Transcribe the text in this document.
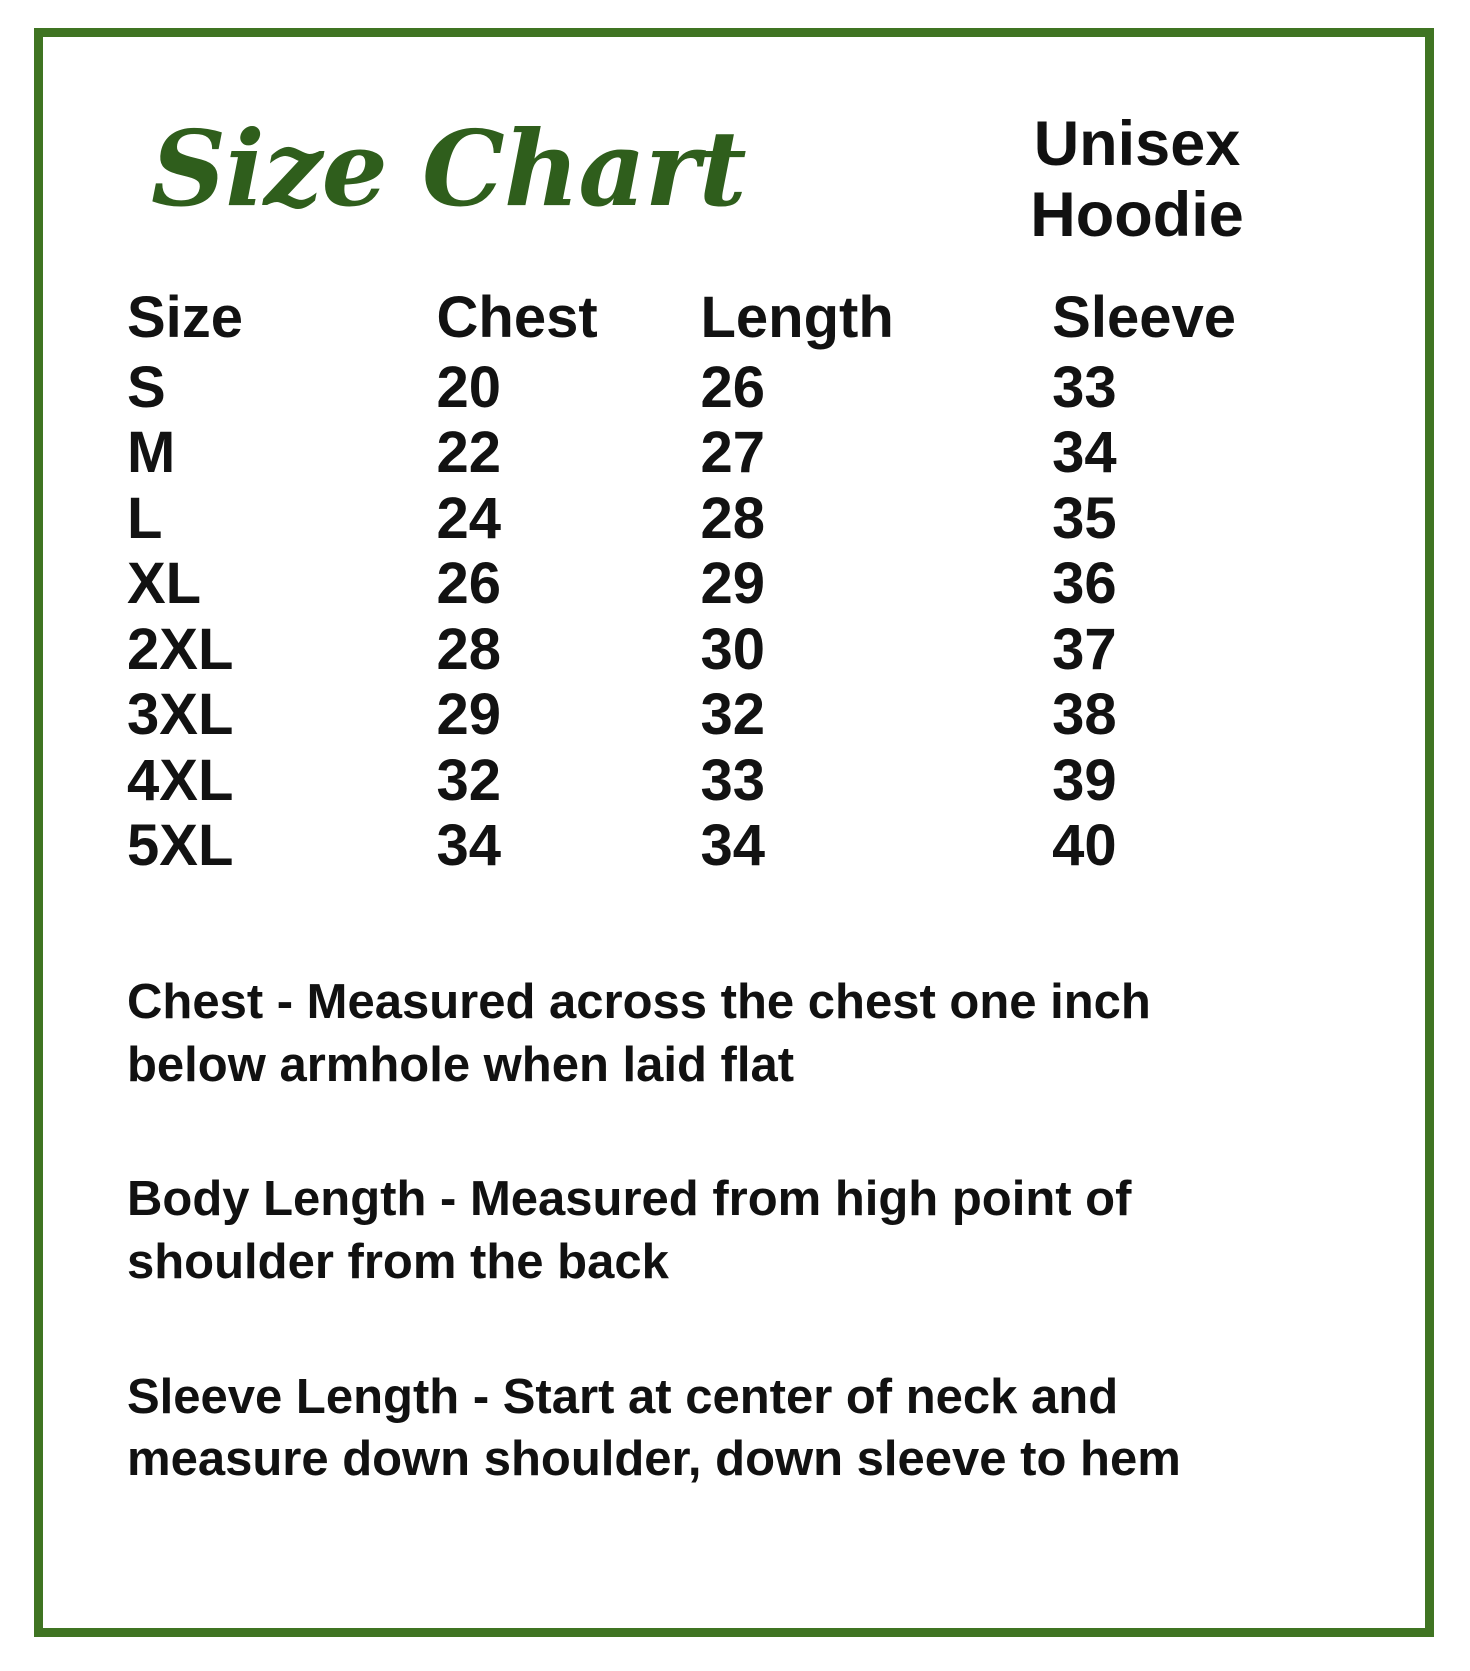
Size Chart	Unisex
Hoodie
Size	Chest	Length	Sleeve
S	20	26	33
M	22	27	34
L	24	28	35
XL	26	29	36
2XL	28	30	37
3XL	29	32	38
4XL	32	33	39
5XL	34	34	40

Chest - Measured across the chest one inch below armhole when laid flat

Body Length - Measured from high point of shoulder from the back

Sleeve Length - Start at center of neck and measure down shoulder, down sleeve to hem
